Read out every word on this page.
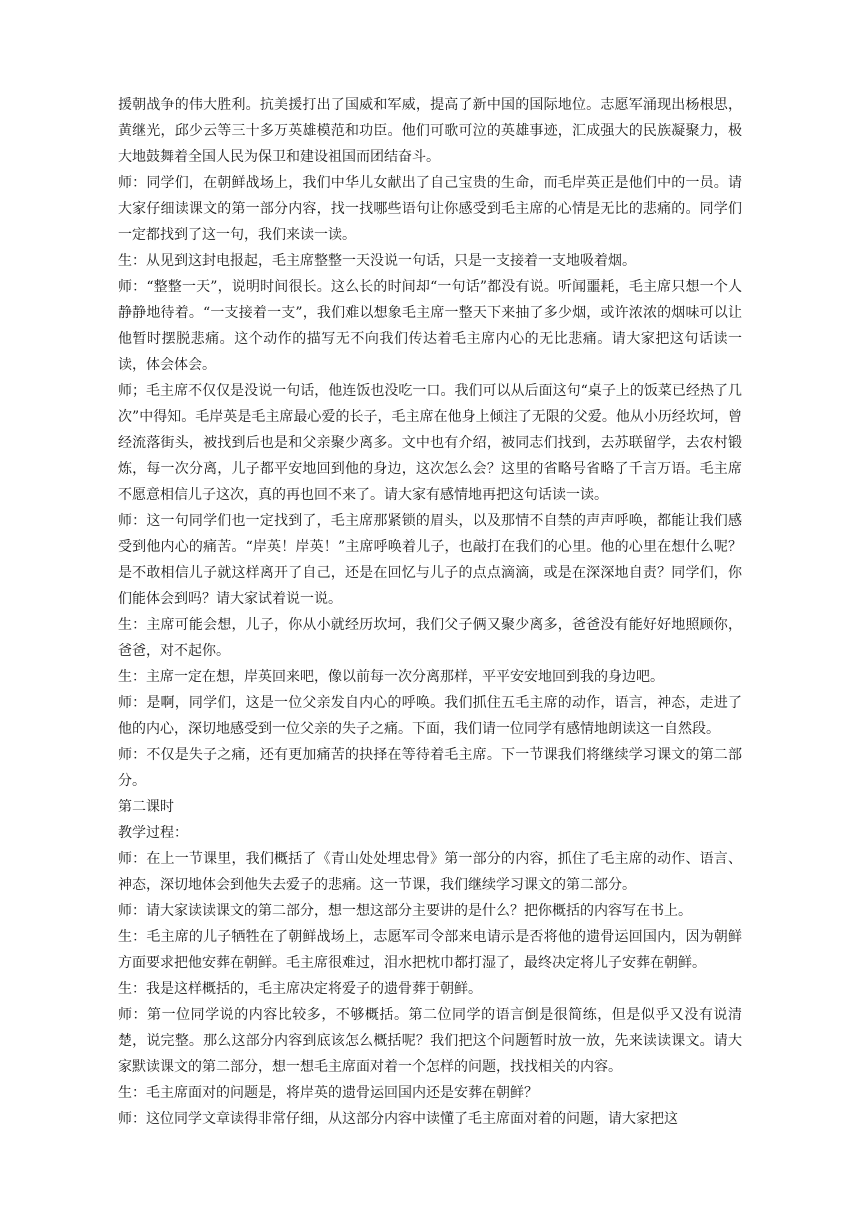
援朝战争的伟大胜利。抗美援打出了国威和军威，提高了新中国的国际地位。志愿军涌现出杨根思，黄继光，邱少云等三十多万英雄模范和功臣。他们可歌可泣的英雄事迹，汇成强大的民族凝聚力，极大地鼓舞着全国人民为保卫和建设祖国而团结奋斗。

师：同学们，在朝鲜战场上，我们中华儿女献出了自己宝贵的生命，而毛岸英正是他们中的一员。请大家仔细读课文的第一部分内容，找一找哪些语句让你感受到毛主席的心情是无比的悲痛的。同学们一定都找到了这一句，我们来读一读。

生：从见到这封电报起，毛主席整整一天没说一句话，只是一支接着一支地吸着烟。

师：“整整一天”，说明时间很长。这么长的时间却“一句话”都没有说。听闻噩耗，毛主席只想一个人静静地待着。“一支接着一支”，我们难以想象毛主席一整天下来抽了多少烟，或许浓浓的烟味可以让他暂时摆脱悲痛。这个动作的描写无不向我们传达着毛主席内心的无比悲痛。请大家把这句话读一读，体会体会。

师；毛主席不仅仅是没说一句话，他连饭也没吃一口。我们可以从后面这句“桌子上的饭菜已经热了几次”中得知。毛岸英是毛主席最心爱的长子，毛主席在他身上倾注了无限的父爱。他从小历经坎坷，曾经流落街头，被找到后也是和父亲聚少离多。文中也有介绍，被同志们找到，去苏联留学，去农村锻炼，每一次分离，儿子都平安地回到他的身边，这次怎么会？这里的省略号省略了千言万语。毛主席不愿意相信儿子这次，真的再也回不来了。请大家有感情地再把这句话读一读。

师：这一句同学们也一定找到了，毛主席那紧锁的眉头，以及那情不自禁的声声呼唤，都能让我们感受到他内心的痛苦。“岸英！岸英！”主席呼唤着儿子，也敲打在我们的心里。他的心里在想什么呢？是不敢相信儿子就这样离开了自己，还是在回忆与儿子的点点滴滴，或是在深深地自责？同学们，你们能体会到吗？请大家试着说一说。

生：主席可能会想，儿子，你从小就经历坎坷，我们父子俩又聚少离多，爸爸没有能好好地照顾你，爸爸，对不起你。

生：主席一定在想，岸英回来吧，像以前每一次分离那样，平平安安地回到我的身边吧。

师：是啊，同学们，这是一位父亲发自内心的呼唤。我们抓住五毛主席的动作，语言，神态，走进了他的内心，深切地感受到一位父亲的失子之痛。下面，我们请一位同学有感情地朗读这一自然段。

师：不仅是失子之痛，还有更加痛苦的抉择在等待着毛主席。下一节课我们将继续学习课文的第二部分。

第二课时

教学过程：

师：在上一节课里，我们概括了《青山处处埋忠骨》第一部分的内容，抓住了毛主席的动作、语言、神态，深切地体会到他失去爱子的悲痛。这一节课，我们继续学习课文的第二部分。

师：请大家读读课文的第二部分，想一想这部分主要讲的是什么？把你概括的内容写在书上。

生：毛主席的儿子牺牲在了朝鲜战场上，志愿军司令部来电请示是否将他的遗骨运回国内，因为朝鲜方面要求把他安葬在朝鲜。毛主席很难过，泪水把枕巾都打湿了，最终决定将儿子安葬在朝鲜。

生：我是这样概括的，毛主席决定将爱子的遗骨葬于朝鲜。

师：第一位同学说的内容比较多，不够概括。第二位同学的语言倒是很简练，但是似乎又没有说清楚，说完整。那么这部分内容到底该怎么概括呢？我们把这个问题暂时放一放，先来读读课文。请大家默读课文的第二部分，想一想毛主席面对着一个怎样的问题，找找相关的内容。

生：毛主席面对的问题是，将岸英的遗骨运回国内还是安葬在朝鲜？

师：这位同学文章读得非常仔细，从这部分内容中读懂了毛主席面对着的问题，请大家把这
